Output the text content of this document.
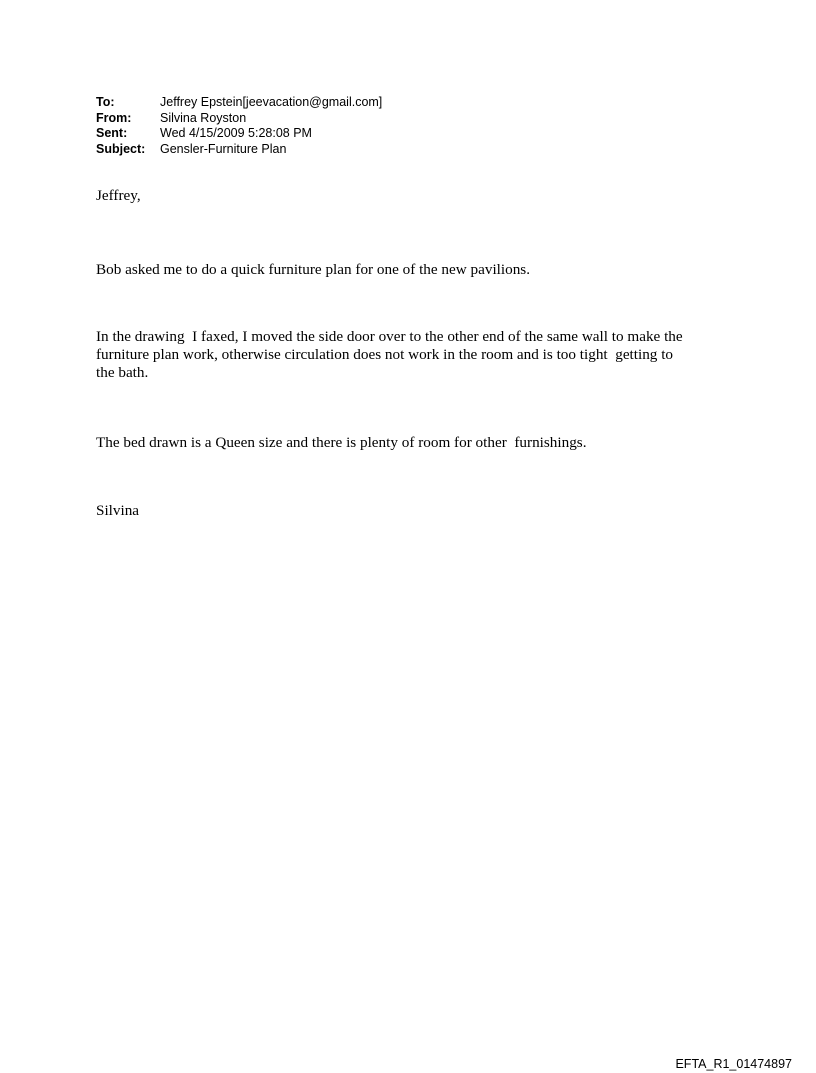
To:	Jeffrey Epstein[jeevacation@gmail.com]
From:	Silvina Royston
Sent:	Wed 4/15/2009 5:28:08 PM
Subject:	Gensler-Furniture Plan
Jeffrey,
Bob asked me to do a quick furniture plan for one of the new pavilions.
In the drawing  I faxed, I moved the side door over to the other end of the same wall to make the
furniture plan work, otherwise circulation does not work in the room and is too tight  getting to
the bath.
The bed drawn is a Queen size and there is plenty of room for other  furnishings.
Silvina
EFTA_R1_01474897
